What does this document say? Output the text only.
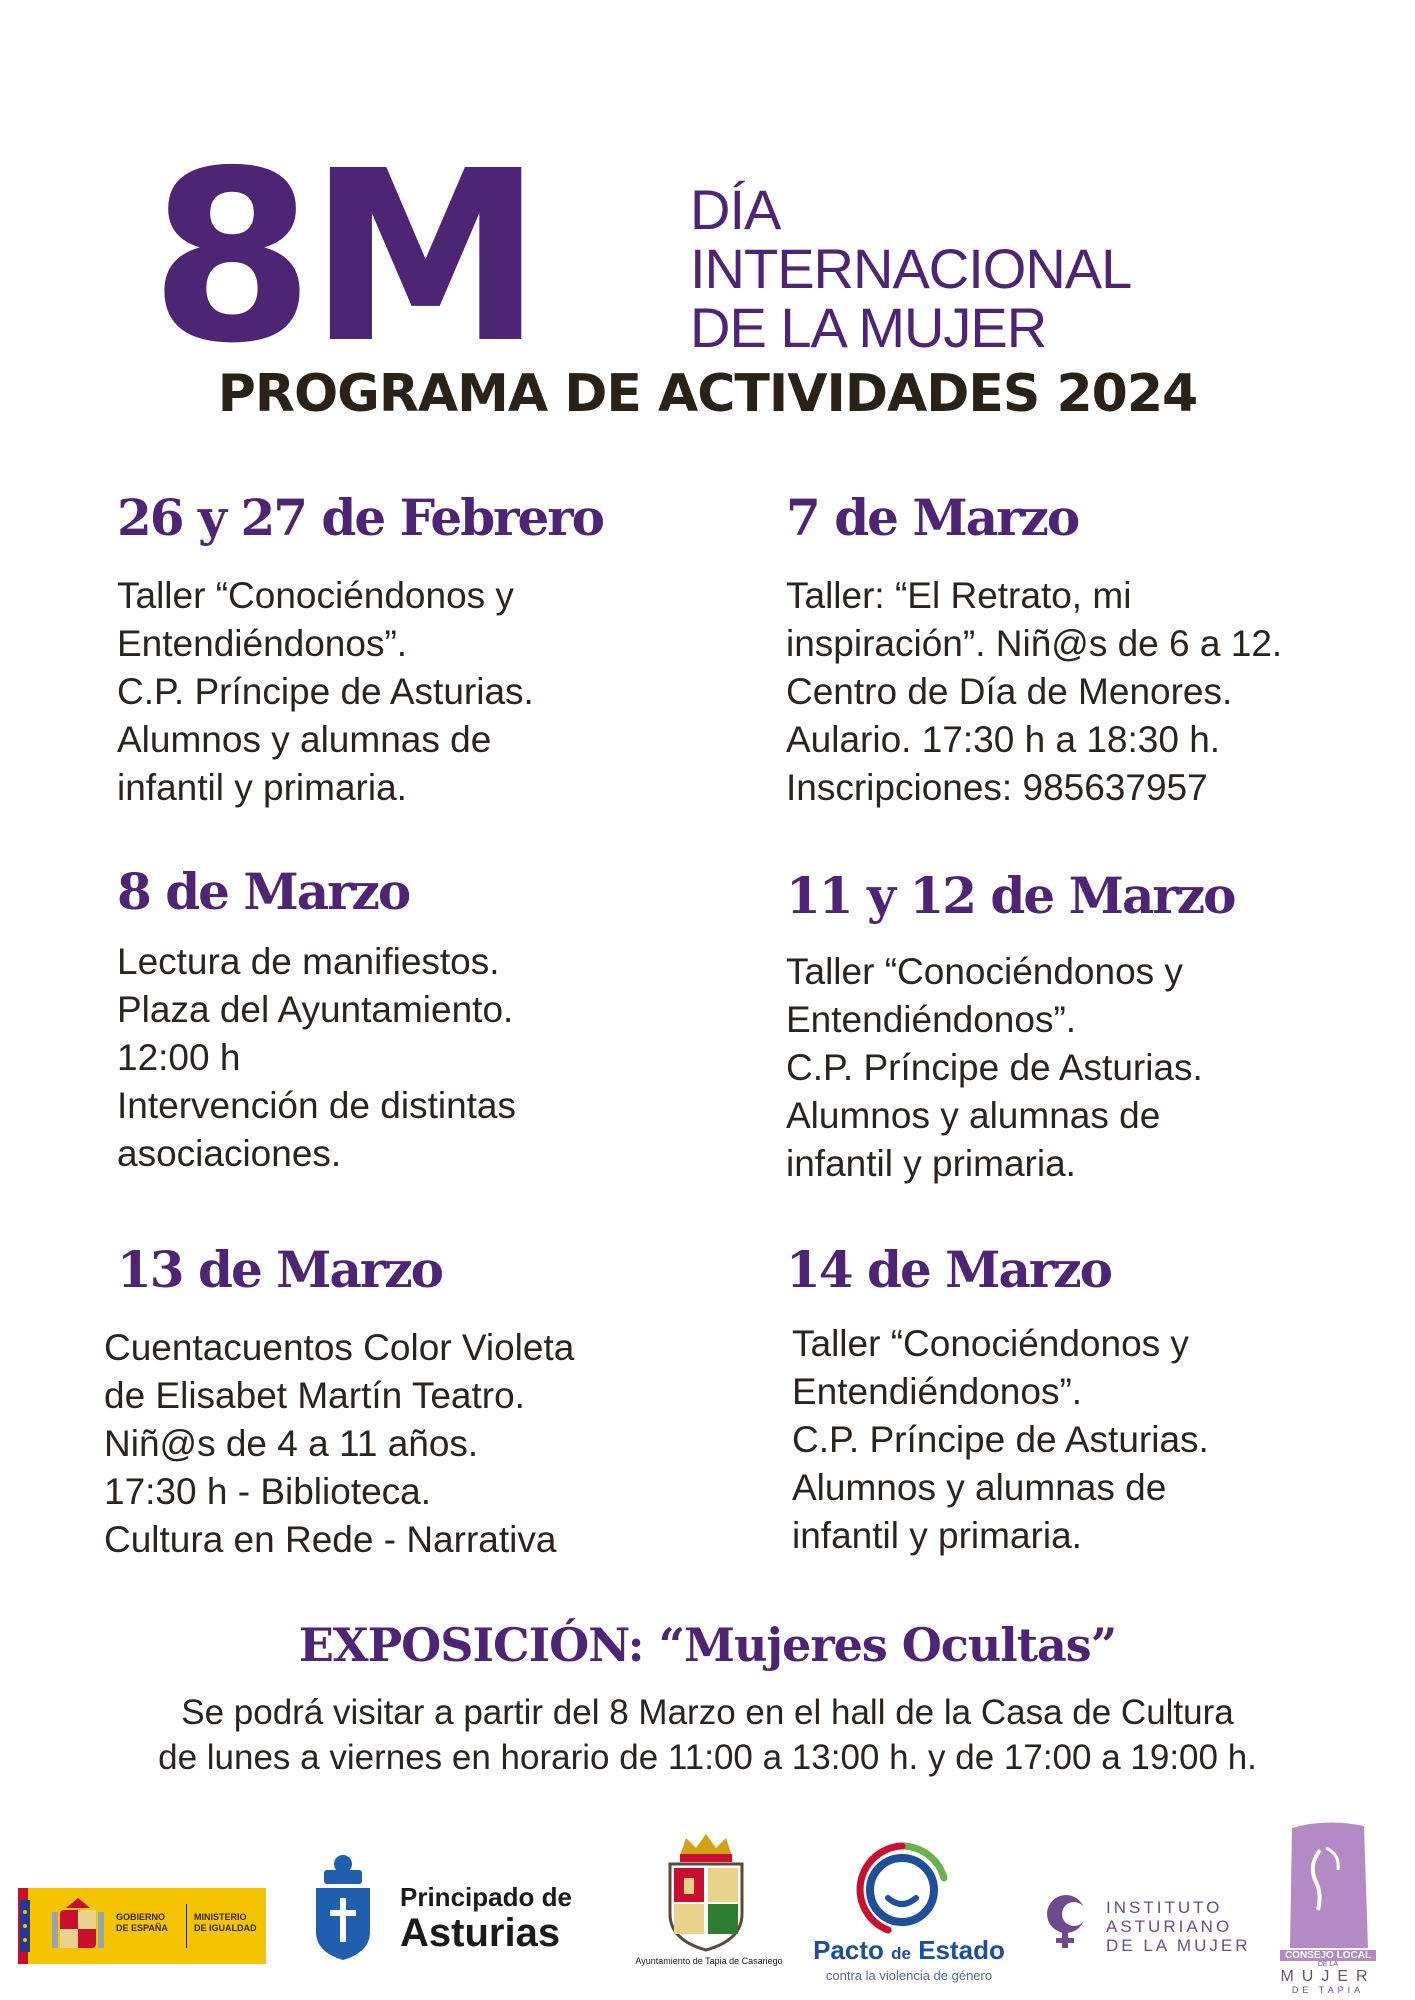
8M	DÍA
INTERNACIONAL
DE LA MUJER
PROGRAMA DE ACTIVIDADES 2024
26 y 27 de Febrero
Taller “Conociéndonos y
Entendiéndonos”.
C.P. Príncipe de Asturias.
Alumnos y alumnas de
infantil y primaria.
7 de Marzo
Taller: “El Retrato, mi
inspiración”. Niñ@s de 6 a 12.
Centro de Día de Menores.
Aulario. 17:30 h a 18:30 h.
Inscripciones: 985637957
8 de Marzo
Lectura de manifiestos.
Plaza del Ayuntamiento.
12:00 h
Intervención de distintas
asociaciones.
11 y 12 de Marzo
Taller “Conociéndonos y
Entendiéndonos”.
C.P. Príncipe de Asturias.
Alumnos y alumnas de
infantil y primaria.
13 de Marzo
Cuentacuentos Color Violeta
de Elisabet Martín Teatro.
Niñ@s de 4 a 11 años.
17:30 h - Biblioteca.
Cultura en Rede - Narrativa
14 de Marzo
Taller “Conociéndonos y
Entendiéndonos”.
C.P. Príncipe de Asturias.
Alumnos y alumnas de
infantil y primaria.
EXPOSICIÓN: “Mujeres Ocultas”
Se podrá visitar a partir del 8 Marzo en el hall de la Casa de Cultura
de lunes a viernes en horario de 11:00 a 13:00 h. y de 17:00 a 19:00 h.
GOBIERNO
DE ESPAÑA
MINISTERIO
DE IGUALDAD
Principado de
Asturias
Ayuntamiento de Tapia de Casariego	Pacto de Estado
contra la violencia de género
INSTITUTO
ASTURIANO
DE LA MUJER
CONSEJO LOCAL
DE LA
MUJER
DE TAPIA
